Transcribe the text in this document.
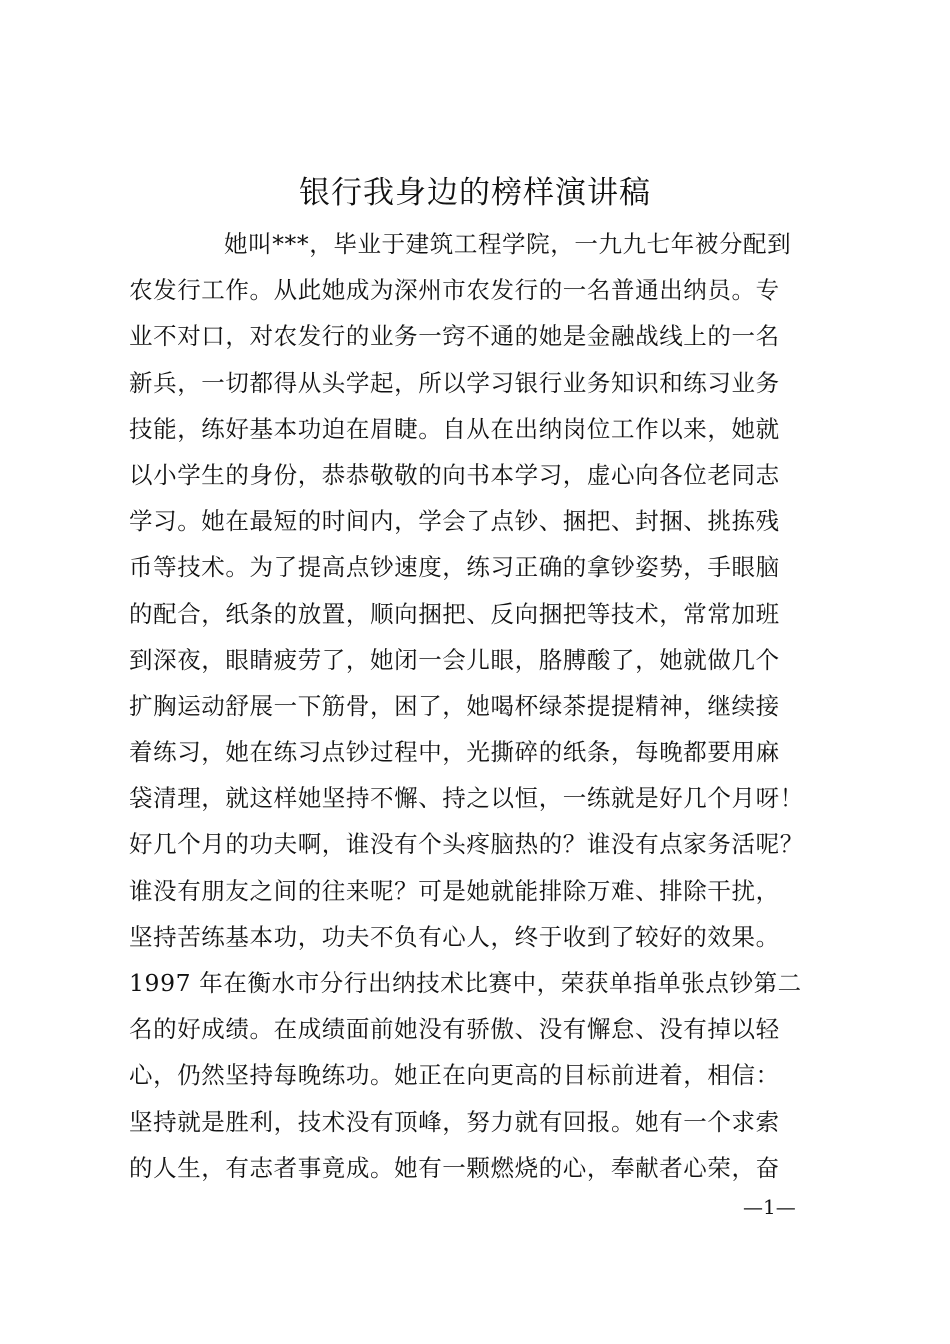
银行我身边的榜样演讲稿
她叫***，毕业于建筑工程学院，一九九七年被分配到
农发行工作。从此她成为深州市农发行的一名普通出纳员。专
业不对口，对农发行的业务一窍不通的她是金融战线上的一名
新兵，一切都得从头学起，所以学习银行业务知识和练习业务
技能，练好基本功迫在眉睫。自从在出纳岗位工作以来，她就
以小学生的身份，恭恭敬敬的向书本学习，虚心向各位老同志
学习。她在最短的时间内，学会了点钞、捆把、封捆、挑拣残
币等技术。为了提高点钞速度，练习正确的拿钞姿势，手眼脑
的配合，纸条的放置，顺向捆把、反向捆把等技术，常常加班
到深夜，眼睛疲劳了，她闭一会儿眼，胳膊酸了，她就做几个
扩胸运动舒展一下筋骨，困了，她喝杯绿茶提提精神，继续接
着练习，她在练习点钞过程中，光撕碎的纸条，每晚都要用麻
袋清理，就这样她坚持不懈、持之以恒，一练就是好几个月呀！
好几个月的功夫啊，谁没有个头疼脑热的？谁没有点家务活呢？
谁没有朋友之间的往来呢？可是她就能排除万难、排除干扰，
坚持苦练基本功，功夫不负有心人，终于收到了较好的效果。
1997 年在衡水市分行出纳技术比赛中，荣获单指单张点钞第二
名的好成绩。在成绩面前她没有骄傲、没有懈怠、没有掉以轻
心，仍然坚持每晚练功。她正在向更高的目标前进着，相信：
坚持就是胜利，技术没有顶峰，努力就有回报。她有一个求索
的人生，有志者事竟成。她有一颗燃烧的心，奉献者心荣，奋
—1—
